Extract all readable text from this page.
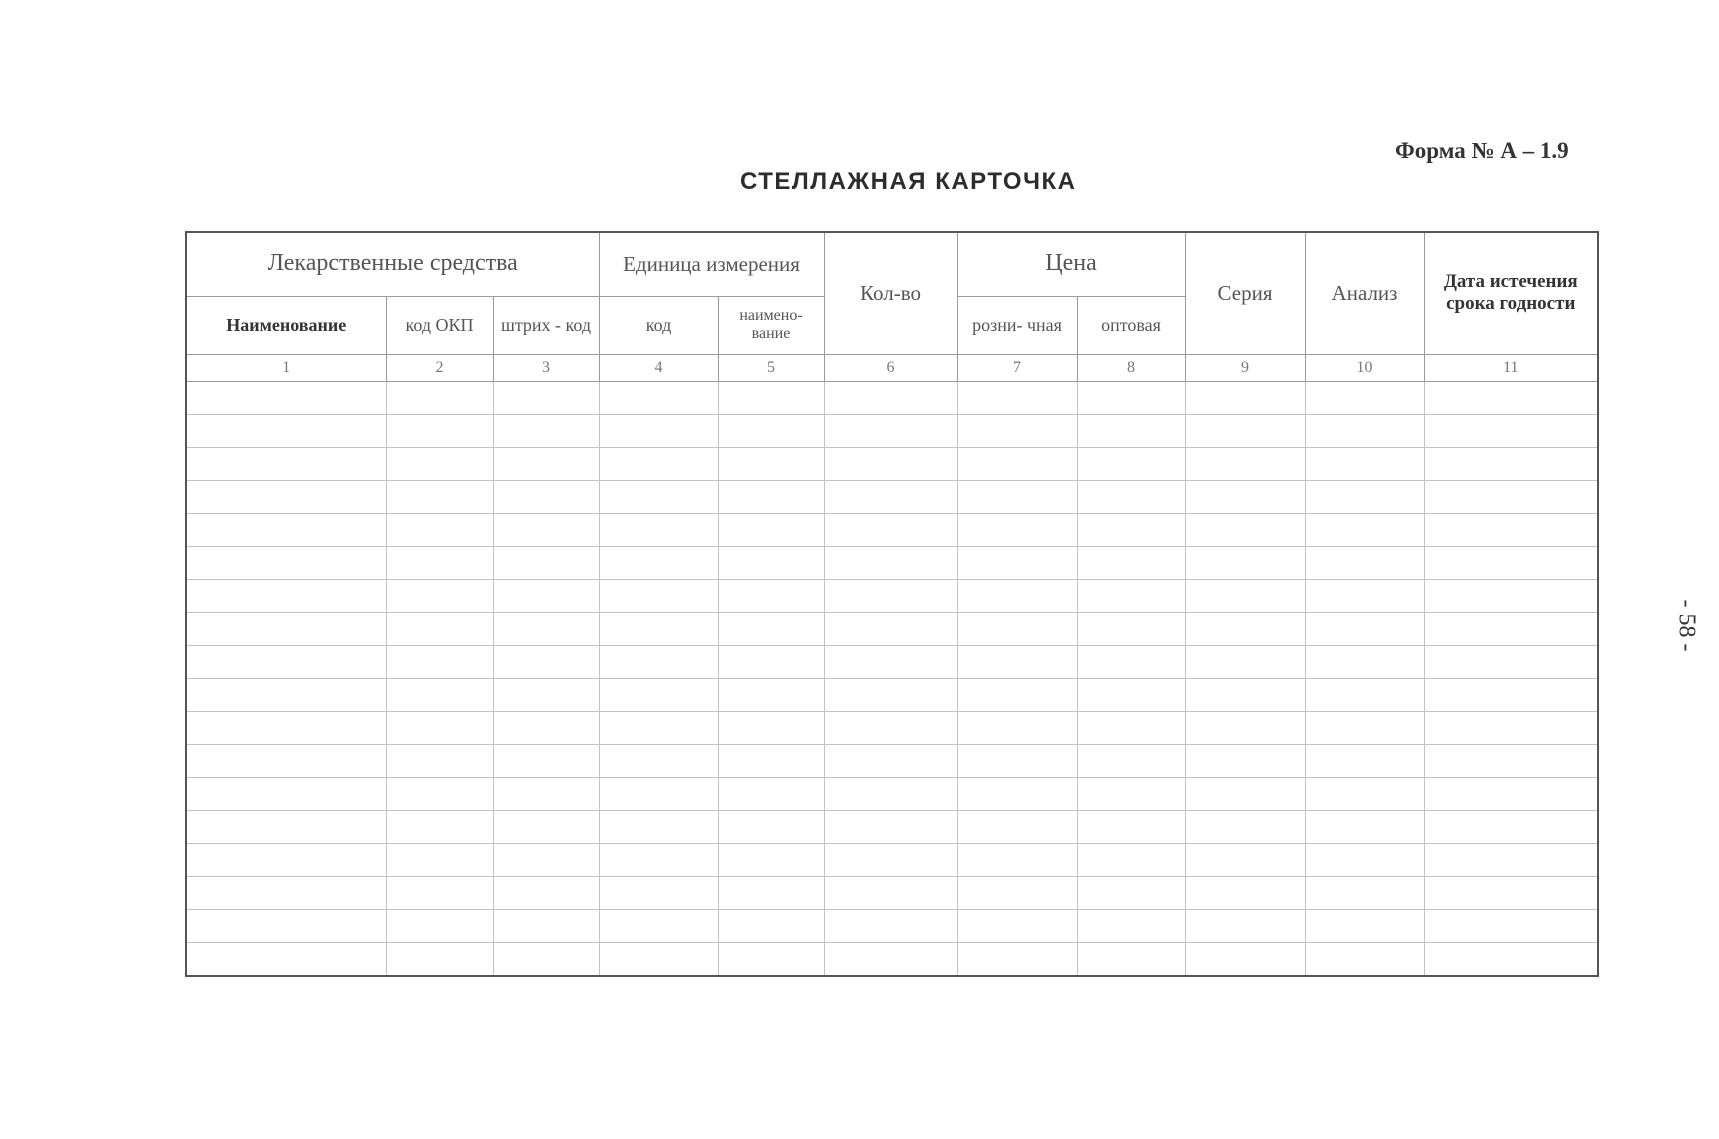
Форма № А – 1.9
СТЕЛЛАЖНАЯ КАРТОЧКА
- 58 -
Лекарственные средства			Единица измерения		Кол-во	Цена		Серия	Анализ	Дата истечения срока годности
Наименование	код ОКП	штрих - код	код	наимено- вание		розни- чная	оптовая			
1	2	3	4	5	6	7	8	9	10	11
